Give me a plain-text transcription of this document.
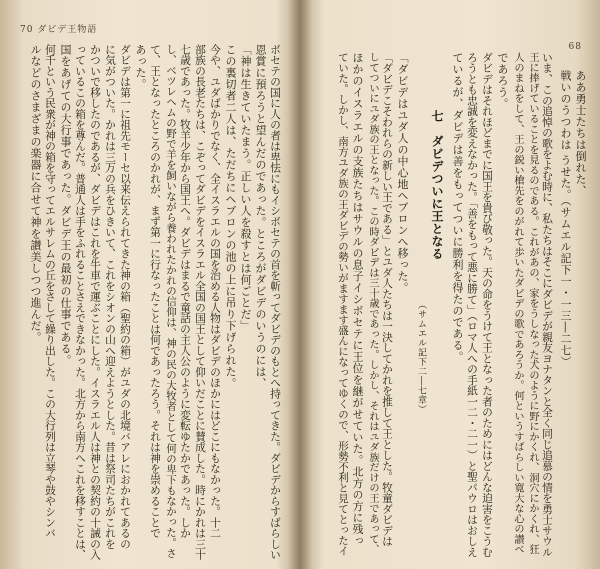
70 ダビデ王物語
ボセテの国に人の者は卑怯にもイシボセテの首を斬ってダビデのもとへ持ってきた。ダビデからすばらしい
恩賞に預ろうと望んだのであった。ところがダビデのいうのには、
「神は生きていたまう。正しい人を殺すとは何ごとだ」
この裏切者二人は、ただちにヘブロンの池の上に吊り下げられた。
今や、ユダばかりでなく、全イスラエルの国を治める人物はダビデのほかにはどこにもなかった。十二
部族の長老たちは、こぞってダビデをイスラエル全国の国王として仰いだことに賛成した。時にかれは三十
七歳であった。牧羊少年から国王へ。ダビデはまるで童話の主人公のように変転ゆたかであった。しか
し、ベツレヘムの野で羊を飼いながら養われたかれの信仰は、神の民の大牧者として何の卑下もなかった。さ
て、王となったところのかれが、まず第一に行なったことは何であったろう。それは神を崇めることで
あった。
ダビデは第一に祖先モーセ以来伝えられてきた神の箱（聖約の箱）がユダの北境バアレにおかれてあるの
に気がついた。かれは三万の兵をひきいて、これをシオンの山へ迎えようとした。昔は祭司たちがこれを
かついで移したのであるが、ダビデはこれを牛車で運ぶことにした。イスラエル人は神との契約の十誡の入
っているこの箱を尊んだ。普通人は手をふれることさえできなかった。北方から南方へこれを移すことは、
国をあげての大行事であった。ダビデ王の最初の仕事である。
何千という民衆が神の箱を守ってエルサレムの丘をさして繰り出した。この大行列は立琴や鼓やシンバ
ルなどのさまざまの楽器に合せて神を讃美しつつ進んだ。	68
ああ勇士たちは倒れた、
戦いのうつわは うせた。（サムエル記下一・一三―二七）
いま、この追悼の歌をよむ時に、私たちはそこにダビデが親友ヨナタンと全く同じ追慕の情を勇士サウル
王に捧げていることを見るのである。これがあの、家をうしなった犬のように野にかくれ、洞穴にかくれ、狂
人のまねをして、王の鋭い槍先をのがれて歩いたダビデの歌であろうか。何というすばらしい寛大な心の讃べ
であろう。
ダビデはそれほどまでに国王を貴び敬った。天の命をうけて王となった者のためにはどんな迫害をこうむ
ろうとも忠誠を変えなかった。「善をもって悪に勝て」（ロマ人への手紙一二・二一）と聖パウロはおしえ
ているが、ダビデは善をもってついに勝利を得たのである。
七　ダビデついに王となる
（サムエル記下二―七章）
「ダビデはユダ人の中心地ヘブロンへ移った。
「ダビデこそわれらの新しい王である」とユダ人たちは一決してかれを推して王とした。牧童ダビデは
してついにユダ族の王となった。この時ダビデは三十歳であった。しかし、それはユダ族だけの王であって、
ほかのイスラエルの支族たちはサウルの息子イシボセテに王位を継がせていた。北方の方に残っ
ていた。しかし、南方ユダ族の王ダビデの勢いがますます盛んになってゆくので、形勢不利と見てとったイ
